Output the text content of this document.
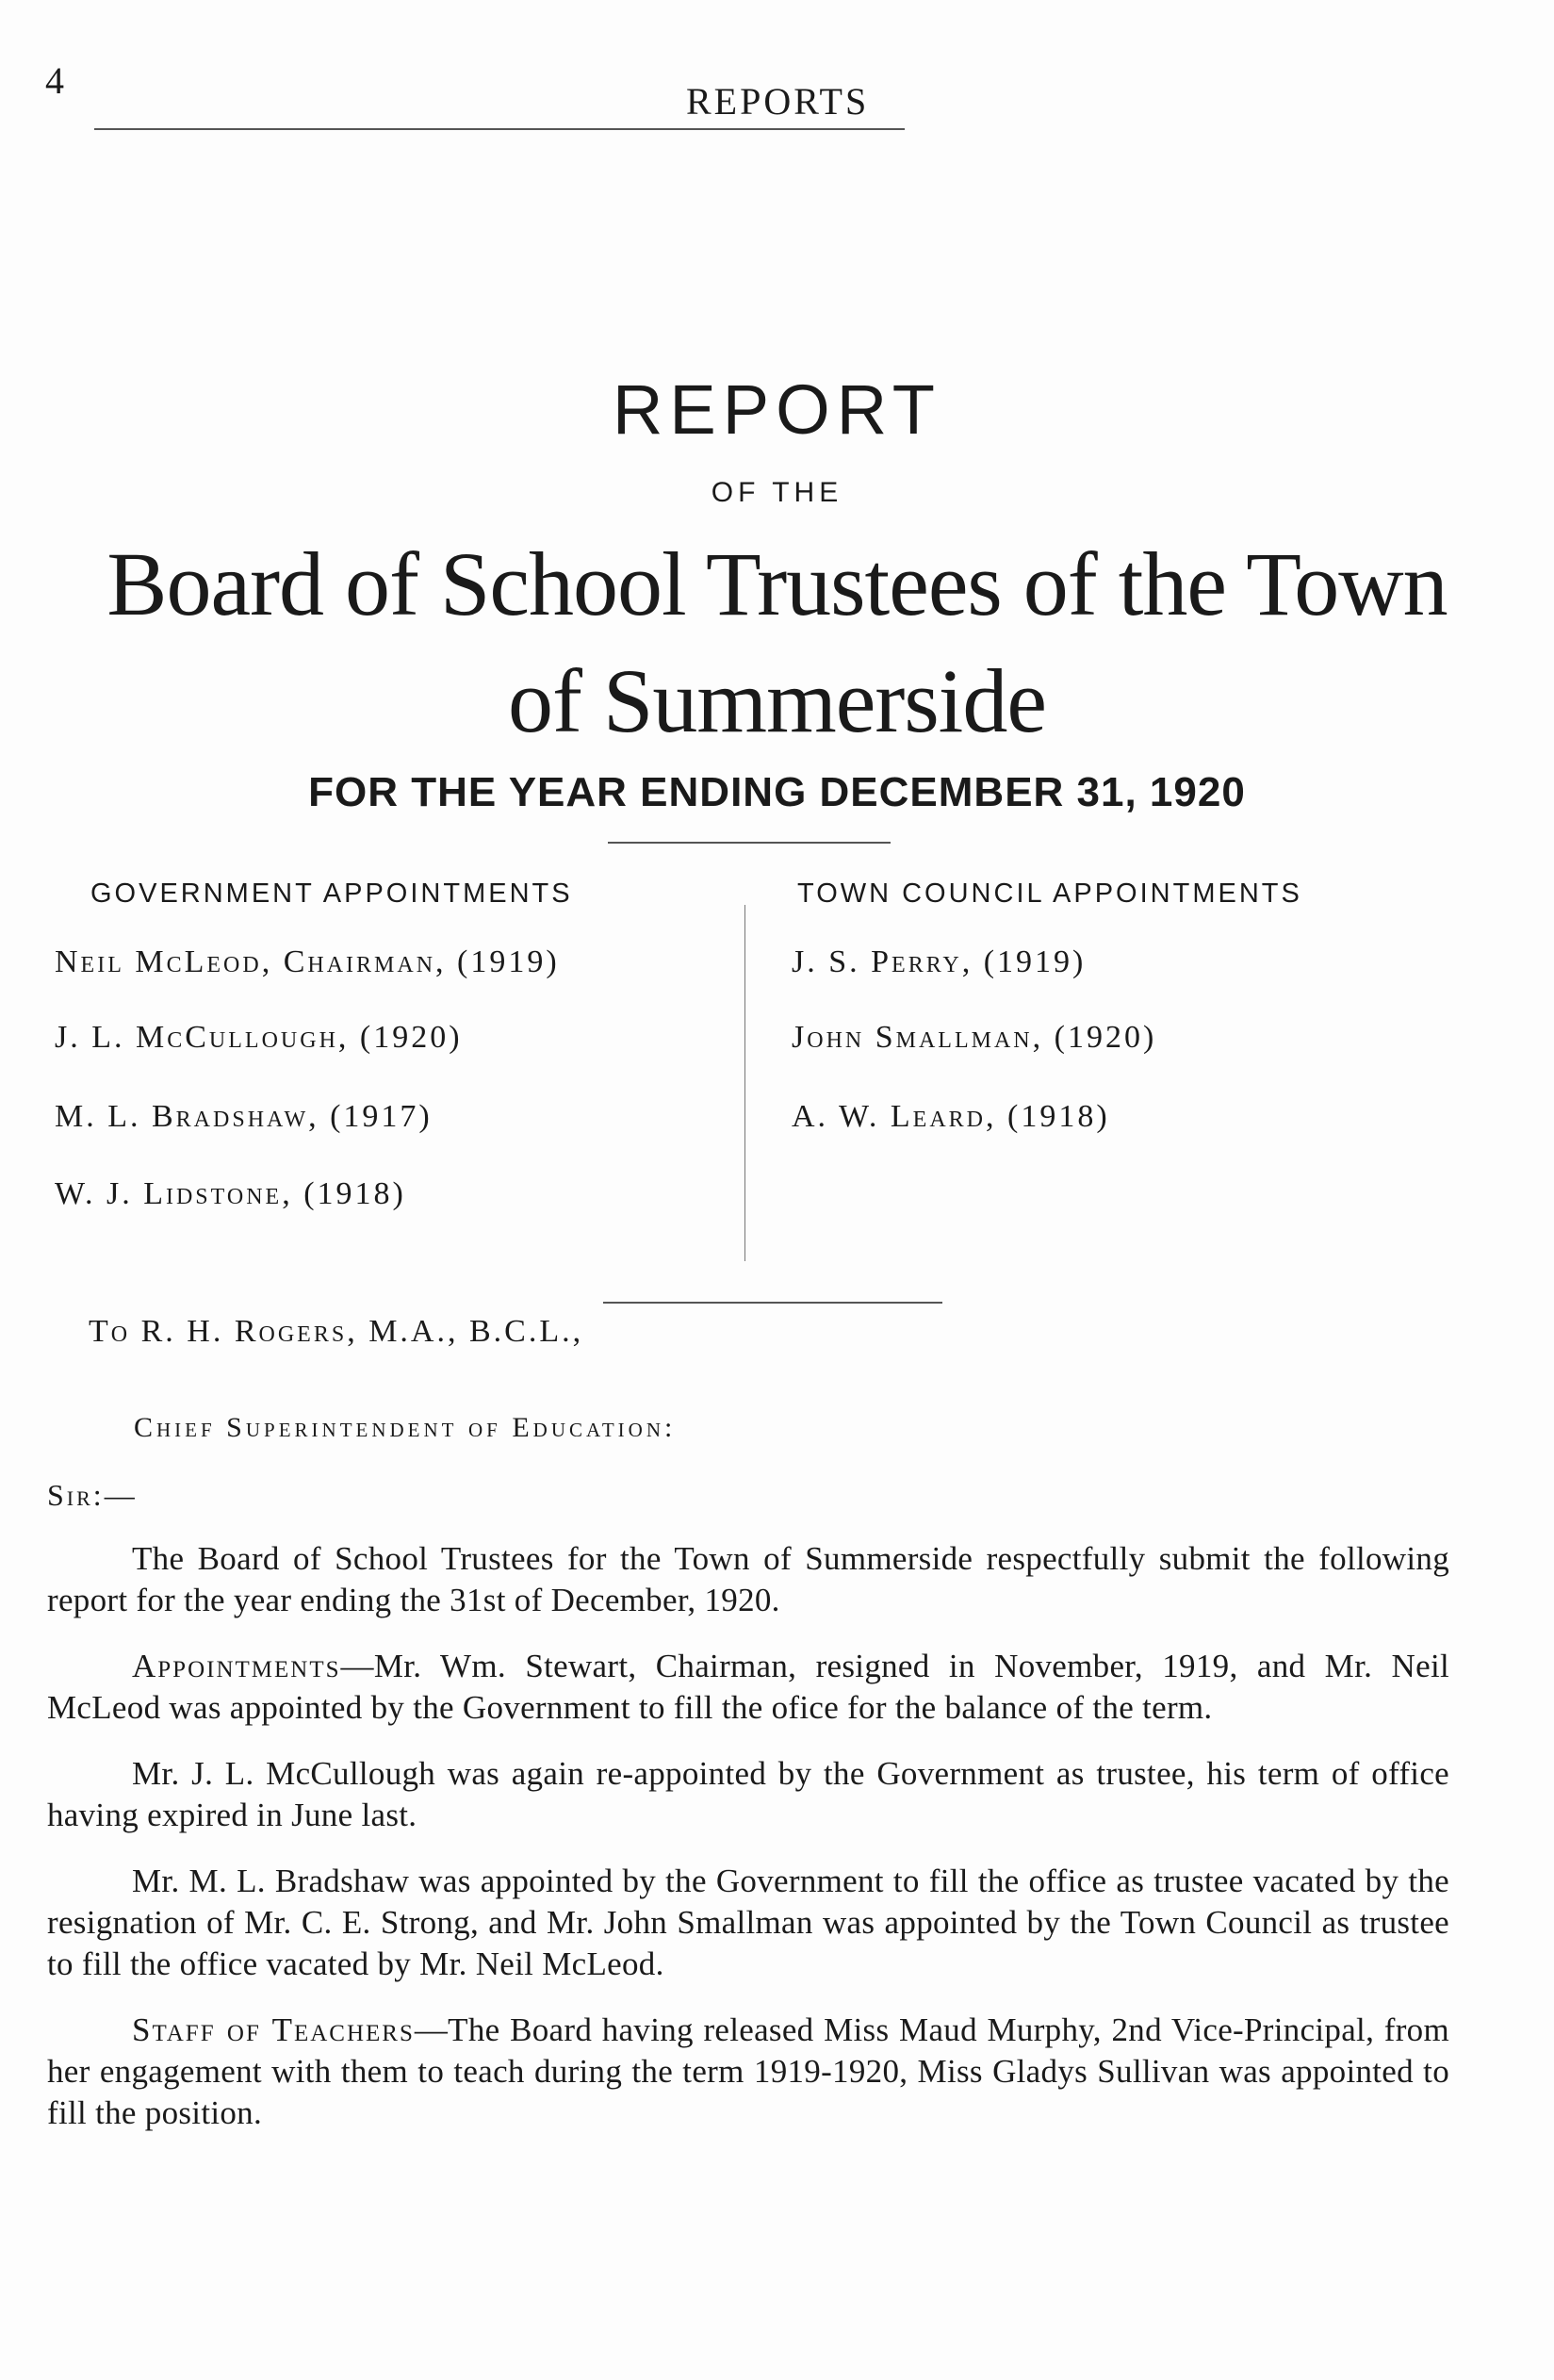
4	REPORTS
REPORT
OF THE
Board of School Trustees of the Town
of Summerside
FOR THE YEAR ENDING DECEMBER 31, 1920
GOVERNMENT APPOINTMENTS	TOWN COUNCIL APPOINTMENTS
Neil McLeod, Chairman, (1919)
J. L. McCullough, (1920)
M. L. Bradshaw, (1917)
W. J. Lidstone, (1918)
J. S. Perry, (1919)
John Smallman, (1920)
A. W. Leard, (1918)
To R. H. Rogers, M.A., B.C.L.,
Chief Superintendent of Education:
Sir:—

The Board of School Trustees for the Town of Summerside respectfully submit the following report for the year ending the 31st of December, 1920.

Appointments—Mr. Wm. Stewart, Chairman, resigned in November, 1919, and Mr. Neil McLeod was appointed by the Government to fill the ofice for the balance of the term.

Mr. J. L. McCullough was again re-appointed by the Government as trustee, his term of office having expired in June last.

Mr. M. L. Bradshaw was appointed by the Government to fill the office as trustee vacated by the resignation of Mr. C. E. Strong, and Mr. John Smallman was appointed by the Town Council as trustee to fill the office vacated by Mr. Neil McLeod.

Staff of Teachers—The Board having released Miss Maud Murphy, 2nd Vice-Principal, from her engagement with them to teach during the term 1919-1920, Miss Gladys Sullivan was appointed to fill the position.
